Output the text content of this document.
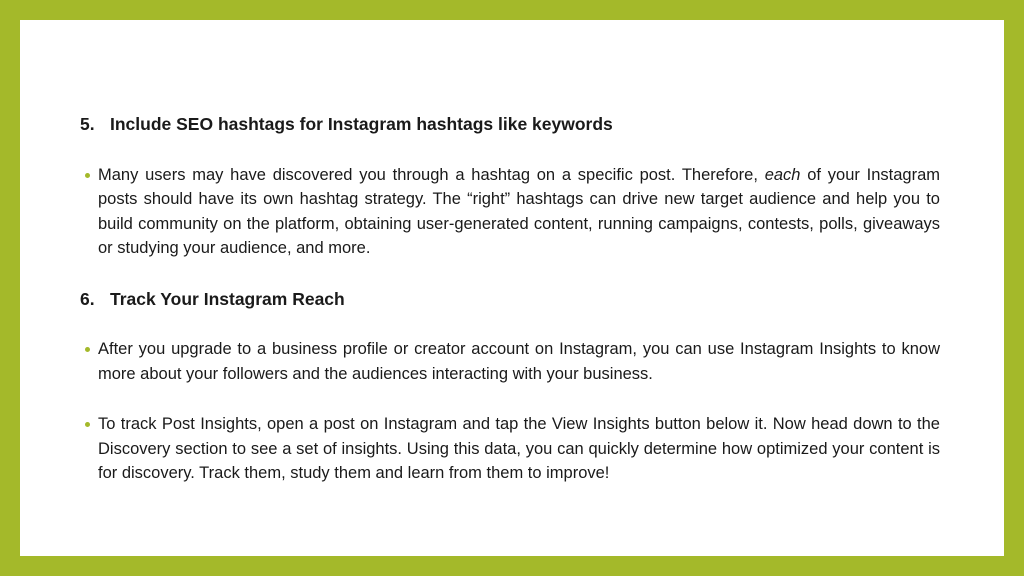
5. Include SEO hashtags for Instagram hashtags like keywords

Many users may have discovered you through a hashtag on a specific post. Therefore, each of your Instagram posts should have its own hashtag strategy. The “right” hashtags can drive new target audience and help you to build community on the platform, obtaining user-generated content, running campaigns, contests, polls, giveaways or studying your audience, and more.

6. Track Your Instagram Reach

After you upgrade to a business profile or creator account on Instagram, you can use Instagram Insights to know more about your followers and the audiences interacting with your business.

To track Post Insights, open a post on Instagram and tap the View Insights button below it. Now head down to the Discovery section to see a set of insights. Using this data, you can quickly determine how optimized your content is for discovery. Track them, study them and learn from them to improve!
